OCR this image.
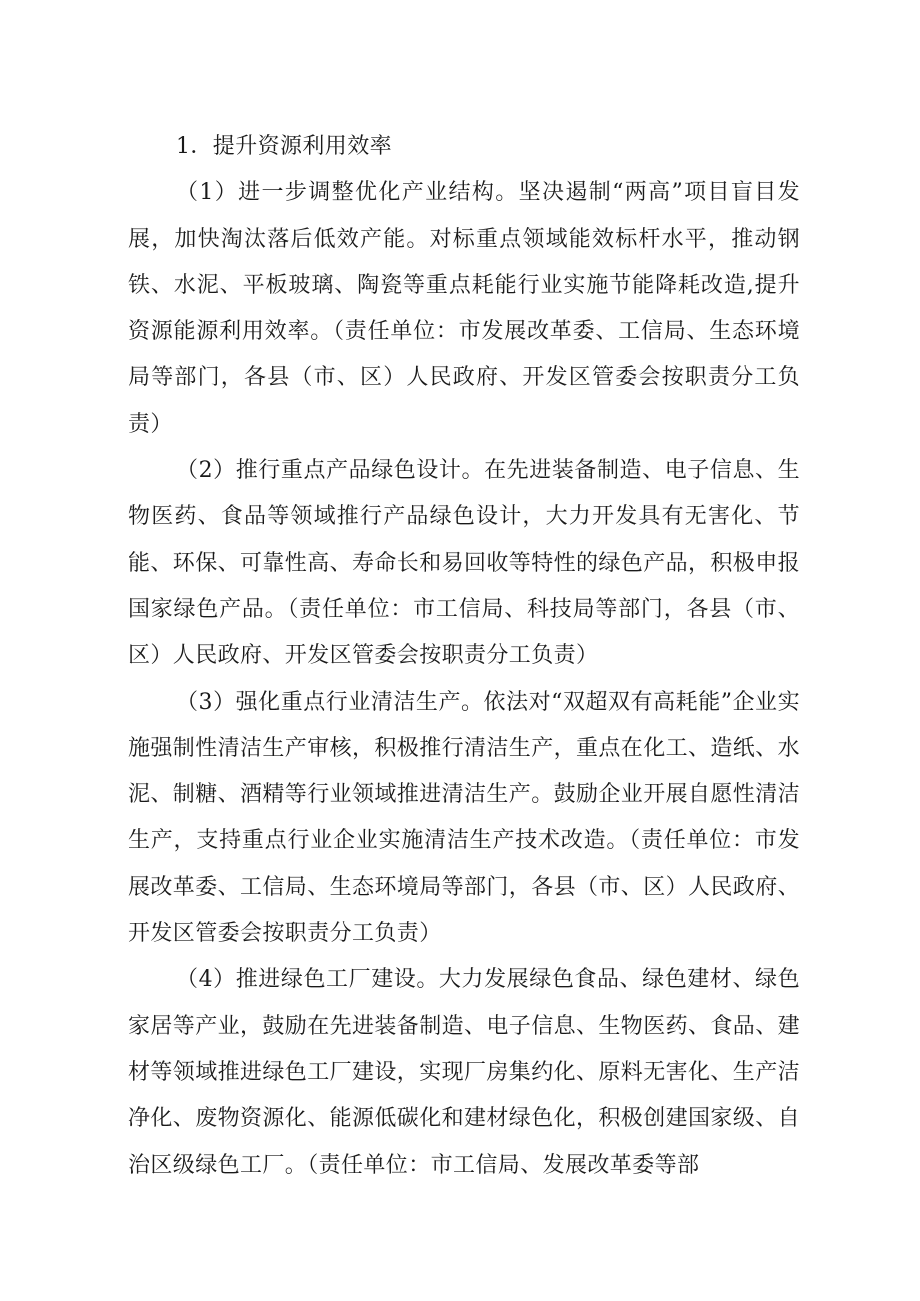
1．提升资源利用效率

（1）进一步调整优化产业结构。坚决遏制“两高”项目盲目发展，加快淘汰落后低效产能。对标重点领域能效标杆水平，推动钢铁、水泥、平板玻璃、陶瓷等重点耗能行业实施节能降耗改造,提升资源能源利用效率。（责任单位：市发展改革委、工信局、生态环境局等部门，各县（市、区）人民政府、开发区管委会按职责分工负责）

（2）推行重点产品绿色设计。在先进装备制造、电子信息、生物医药、食品等领域推行产品绿色设计，大力开发具有无害化、节能、环保、可靠性高、寿命长和易回收等特性的绿色产品，积极申报国家绿色产品。（责任单位：市工信局、科技局等部门，各县（市、区）人民政府、开发区管委会按职责分工负责）

（3）强化重点行业清洁生产。依法对“双超双有高耗能”企业实施强制性清洁生产审核，积极推行清洁生产，重点在化工、造纸、水泥、制糖、酒精等行业领域推进清洁生产。鼓励企业开展自愿性清洁生产，支持重点行业企业实施清洁生产技术改造。（责任单位：市发展改革委、工信局、生态环境局等部门，各县（市、区）人民政府、开发区管委会按职责分工负责）

（4）推进绿色工厂建设。大力发展绿色食品、绿色建材、绿色家居等产业，鼓励在先进装备制造、电子信息、生物医药、食品、建材等领域推进绿色工厂建设，实现厂房集约化、原料无害化、生产洁净化、废物资源化、能源低碳化和建材绿色化，积极创建国家级、自治区级绿色工厂。（责任单位：市工信局、发展改革委等部
